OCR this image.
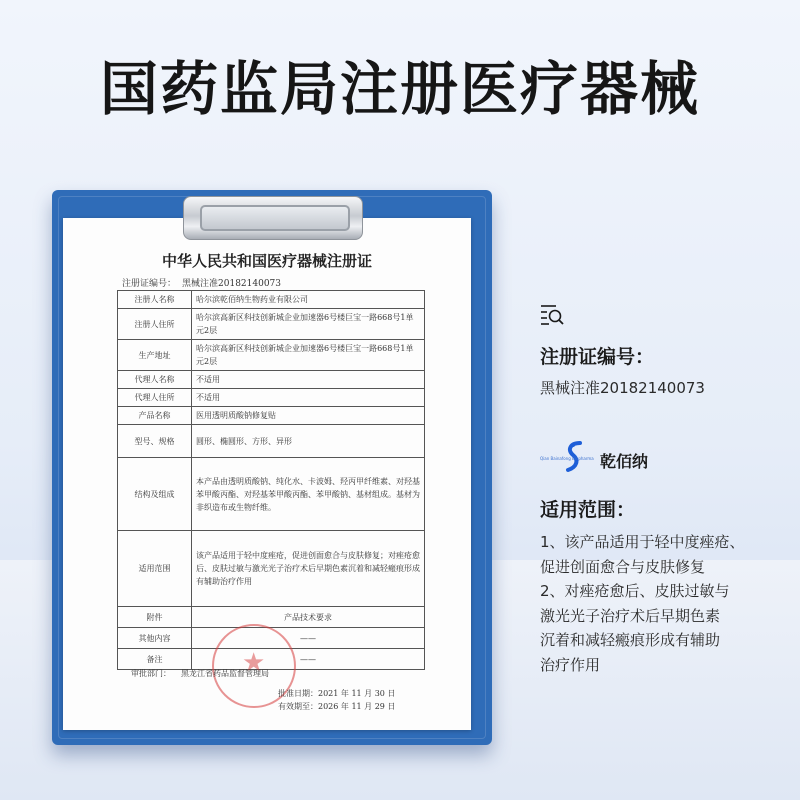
国药监局注册医疗器械
中华人民共和国医疗器械注册证
注册证编号： 黑械注准20182140073
注册人名称	哈尔滨乾佰纳生物药业有限公司
注册人住所	哈尔滨高新区科技创新城企业加速器6号楼巨宝一路668号1单元2层
生产地址	哈尔滨高新区科技创新城企业加速器6号楼巨宝一路668号1单元2层
代理人名称	不适用
代理人住所	不适用
产品名称	医用透明质酸钠修复贴
型号、规格	圆形、椭圆形、方形、异形
结构及组成	本产品由透明质酸钠、纯化水、卡波姆、羟丙甲纤维素、对羟基苯甲酸丙酯、对羟基苯甲酸丙酯、苯甲酸钠、基材组成。基材为非织造布或生物纤维。
适用范围	该产品适用于轻中度痤疮，促进创面愈合与皮肤修复；对痤疮愈后、皮肤过敏与激光光子治疗术后早期色素沉着和减轻瘢痕形成有辅助治疗作用
附件	产品技术要求
其他内容	——
备注	——
★
审批部门： 黑龙江省药品监督管理局
批准日期：2021 年 11 月 30 日
有效期至：2026 年 11 月 29 日
注册证编号：
黑械注准20182140073
Qian Bainafong Biopharma 乾佰纳
适用范围：
1、该产品适用于轻中度痤疮、
促进创面愈合与皮肤修复
2、对痤疮愈后、皮肤过敏与
激光光子治疗术后早期色素
沉着和减轻瘢痕形成有辅助
治疗作用
